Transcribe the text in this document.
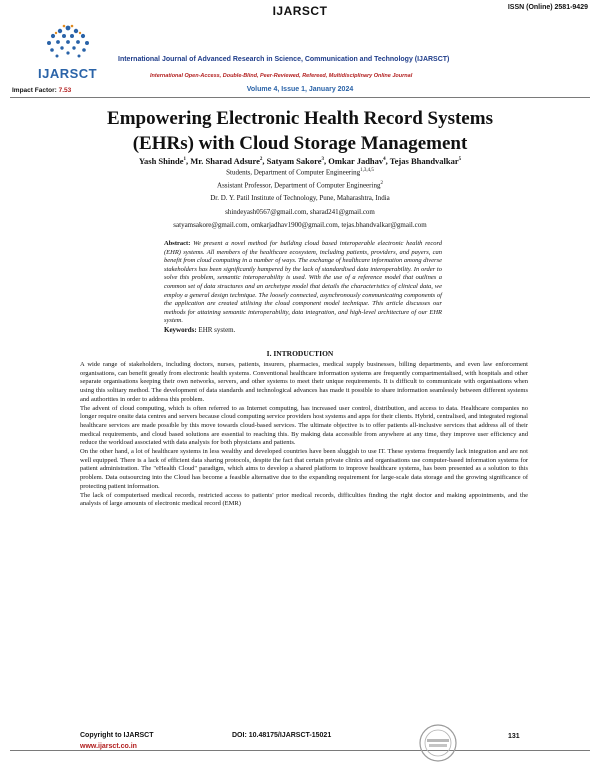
IJARSCT	ISSN (Online) 2581-9429
IJARSCT
International Journal of Advanced Research in Science, Communication and Technology (IJARSCT)
International Open-Access, Double-Blind, Peer-Reviewed, Refereed, Multidisciplinary Online Journal
Impact Factor: 7.53	Volume 4, Issue 1, January 2024
Empowering Electronic Health Record Systems
(EHRs) with Cloud Storage Management
Yash Shinde$^1$, Mr. Sharad Adsure$^2$, Satyam Sakore$^3$, Omkar Jadhav$^4$, Tejas Bhandvalkar$^5$
Students, Department of Computer Engineering$^{1,3,4,5}$
Assistant Professor, Department of Computer Engineering$^2$
Dr. D. Y. Patil Institute of Technology, Pune, Maharashtra, India
shindeyash0567@gmail.com, sharad241@gmail.com
satyamsakore@gmail.com, omkarjadhav1900@gmail.com, tejas.bhandvalkar@gmail.com
Abstract: We present a novel method for building cloud based interoperable electronic health record (EHR) systems. All members of the healthcare ecosystem, including patients, providers, and payers, can benefit from cloud computing in a number of ways. The exchange of healthcare information among diverse stakeholders has been significantly hampered by the lack of standardised data interoperability. In order to solve this problem, semantic interoperability is used. With the use of a reference model that outlines a common set of data structures and an archetype model that details the characteristics of clinical data, we employ a general design technique. The loosely connected, asynchronously communicating components of the application are created utilising the cloud component model technique. This article discusses our methods for attaining semantic interoperability, data integration, and high-level architecture of our EHR system.
Keywords: EHR system.
I. INTRODUCTION

A wide range of stakeholders, including doctors, nurses, patients, insurers, pharmacies, medical supply businesses, billing departments, and even law enforcement organisations, can benefit greatly from electronic health systems. Conventional healthcare information systems are frequently compartmentalised, with hospitals and other separate organisations keeping their own networks, servers, and other systems to meet their unique requirements. It is difficult to communicate with organisations when using this solitary method. The development of data standards and technological advances has made it possible to share information seamlessly between different systems and authorities in order to address this problem.

The advent of cloud computing, which is often referred to as Internet computing, has increased user control, distribution, and access to data. Healthcare companies no longer require onsite data centres and servers because cloud computing service providers host systems and apps for their clients. Hybrid, centralised, and integrated regional healthcare services are made possible by this move towards cloud-based services. The ultimate objective is to offer patients all-inclusive services that address all of their medical requirements, and cloud based solutions are essential to reaching this. By making data accessible from anywhere at any time, they improve user efficiency and reduce the workload associated with data analysis for both physicians and patients.

On the other hand, a lot of healthcare systems in less wealthy and developed countries have been sluggish to use IT. These systems frequently lack integration and are not well equipped. There is a lack of efficient data sharing protocols, despite the fact that certain private clinics and organisations use computer-based information systems for patient administration. The "eHealth Cloud" paradigm, which aims to develop a shared platform to improve healthcare systems, has been presented as a solution to this problem. Data outsourcing into the Cloud has become a feasible alternative due to the expanding requirement for large-scale data storage and the growing significance of protecting patient information.

The lack of computerised medical records, restricted access to patients' prior medical records, difficulties finding the right doctor and making appointments, and the analysis of large amounts of electronic medical record (EMR)

Copyright to IJARSCT
www.ijarsct.co.in
DOI: 10.48175/IJARSCT-15021	131
